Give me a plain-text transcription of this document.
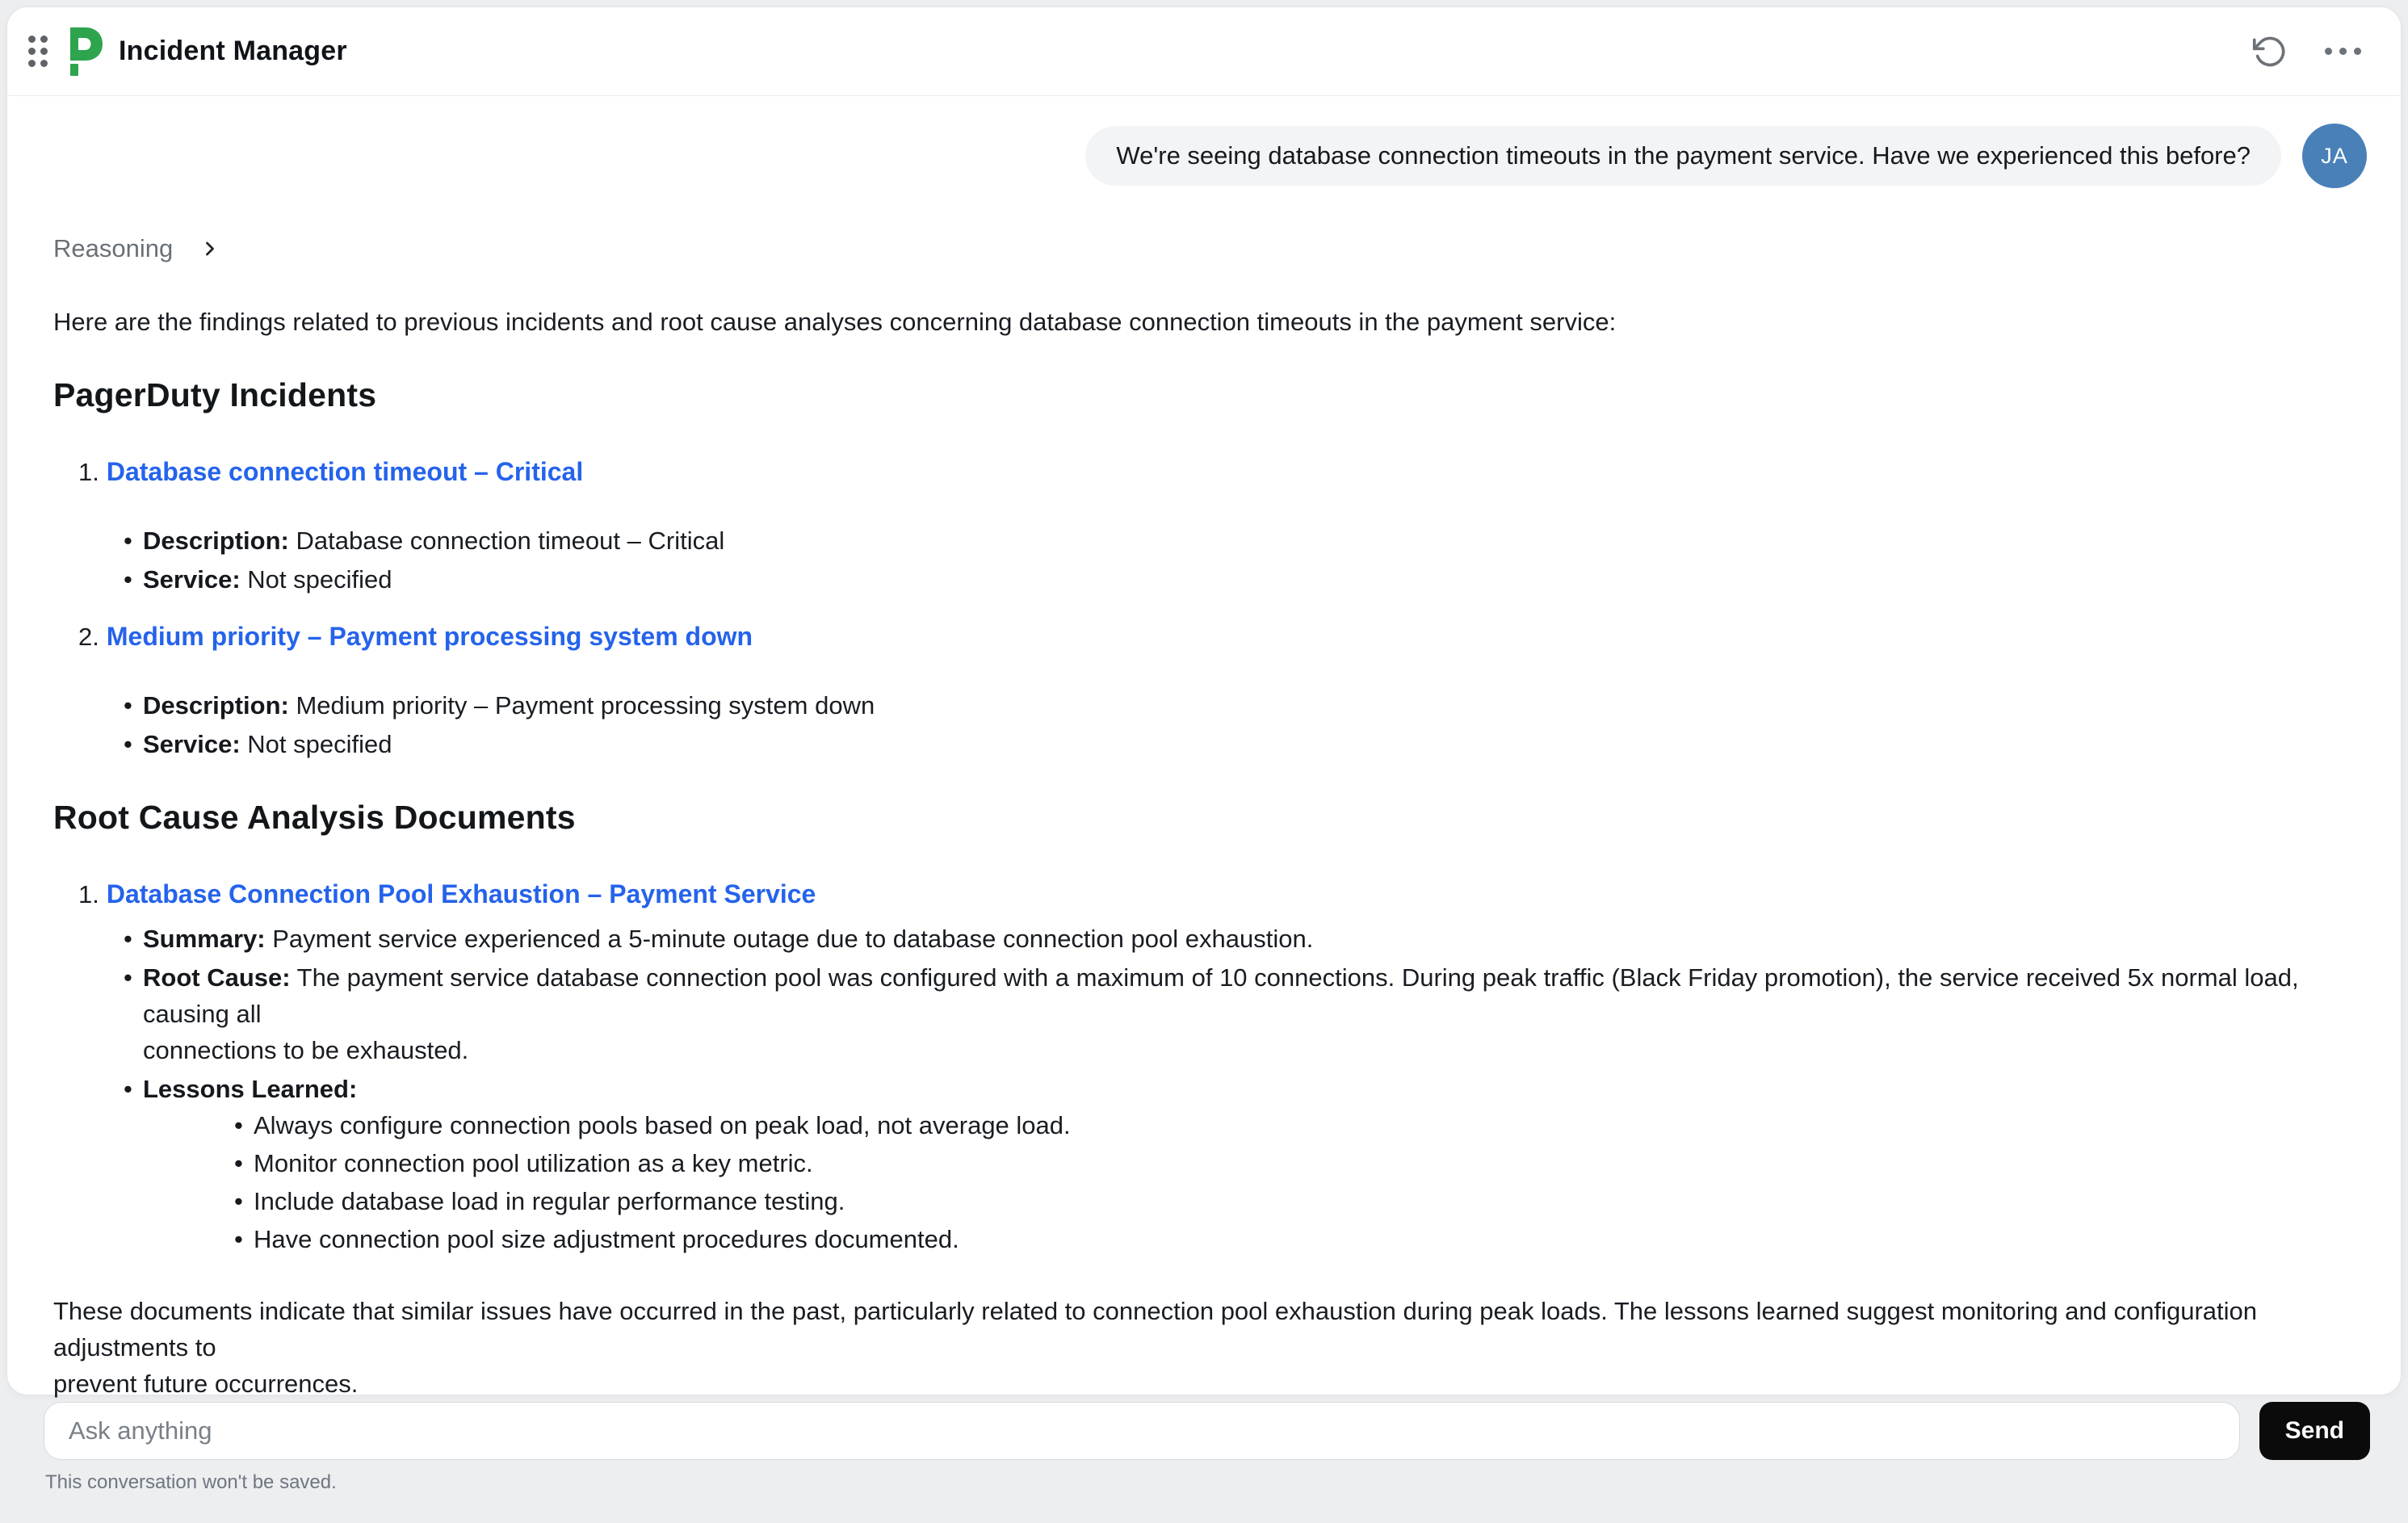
Incident Manager
We're seeing database connection timeouts in the payment service. Have we experienced this before?	JA
Reasoning

Here are the findings related to previous incidents and root cause analyses concerning database connection timeouts in the payment service:

PagerDuty Incidents
1. Database connection timeout – Critical
• Description: Database connection timeout – Critical
• Service: Not specified
2. Medium priority – Payment processing system down
• Description: Medium priority – Payment processing system down
• Service: Not specified
Root Cause Analysis Documents
1. Database Connection Pool Exhaustion – Payment Service
• Summary: Payment service experienced a 5-minute outage due to database connection pool exhaustion.
• Root Cause: The payment service database connection pool was configured with a maximum of 10 connections. During peak traffic (Black Friday promotion), the service received 5x normal load, causing all
connections to be exhausted.
• Lessons Learned:
• Always configure connection pools based on peak load, not average load.
• Monitor connection pool utilization as a key metric.
• Include database load in regular performance testing.
• Have connection pool size adjustment procedures documented.

These documents indicate that similar issues have occurred in the past, particularly related to connection pool exhaustion during peak loads. The lessons learned suggest monitoring and configuration adjustments to
prevent future occurrences.

Ask anything
Send
This conversation won't be saved.
